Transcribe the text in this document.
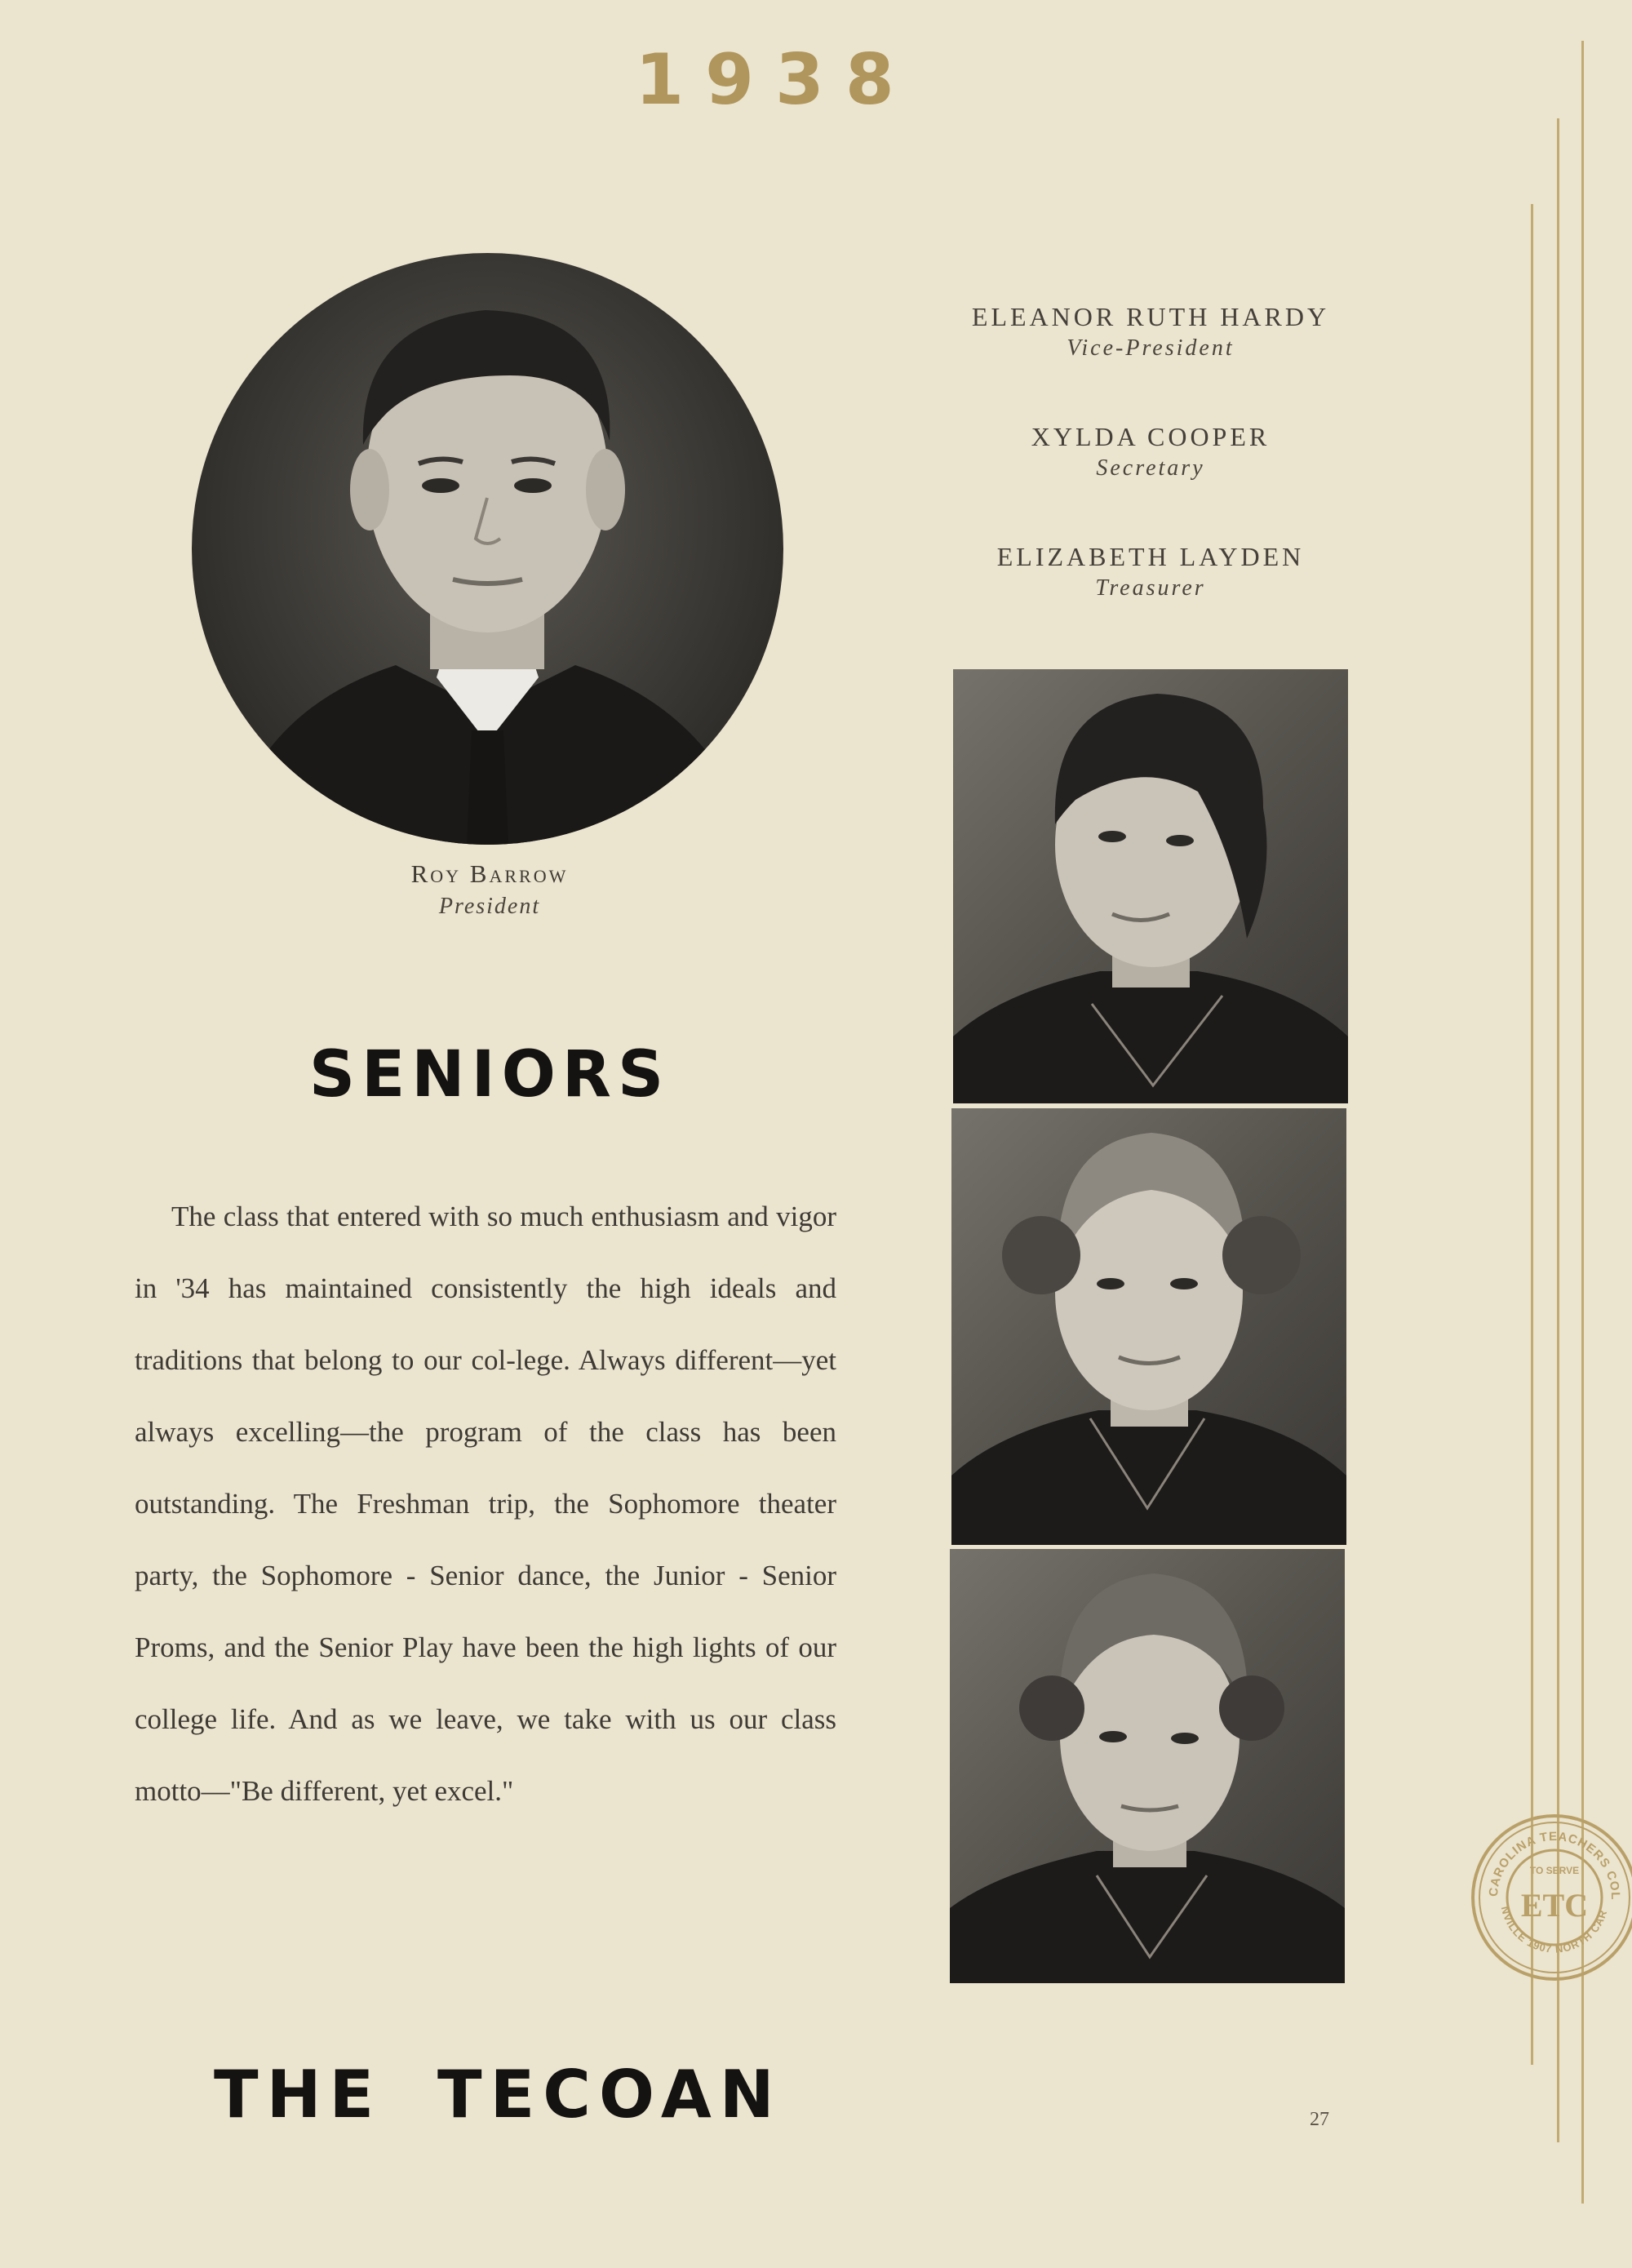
1938
Roy Barrow
President
ELEANOR RUTH HARDY
Vice-President
XYLDA COOPER
Secretary
ELIZABETH LAYDEN
Treasurer
SENIORS

The class that entered with so much enthusiasm and vigor in '34 has maintained consistently the high ideals and traditions that belong to our col-lege. Always different—yet always excelling—the program of the class has been outstanding. The Freshman trip, the Sophomore theater party, the Sophomore - Senior dance, the Junior - Senior Proms, and the Senior Play have been the high lights of our college life. And as we leave, we take with us our class motto—"Be different, yet excel."

THE TECOAN	27
CAROLINA TEACHERS COL
NVILLE 1907 NORTH CAR
TO SERVE
ETC
